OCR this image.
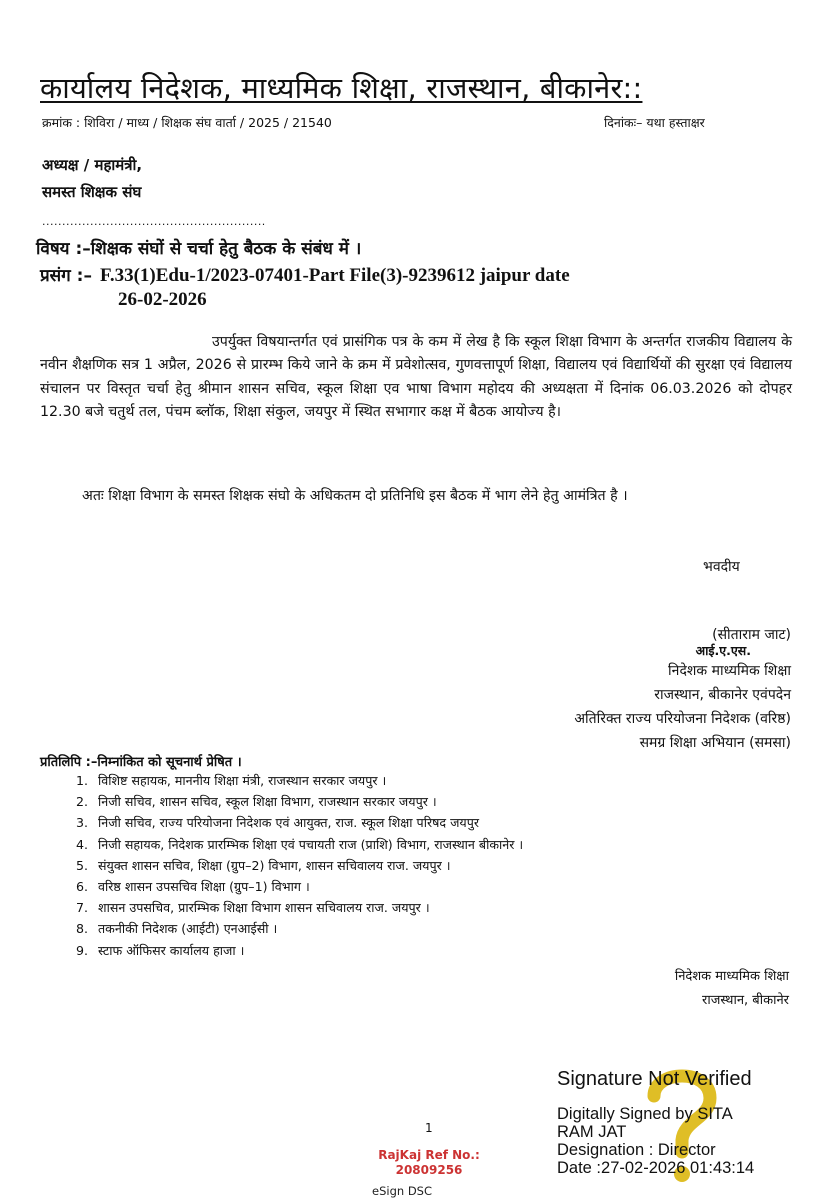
कार्यालय निदेशक, माध्यमिक शिक्षा, राजस्थान, बीकानेर::
क्रमांक : शिविरा / माध्य / शिक्षक संघ वार्ता / 2025 / 21540	दिनांकः– यथा हस्ताक्षर
अध्यक्ष / महामंत्री,
समस्त शिक्षक संघ
........................................................
विषय :–शिक्षक संघों से चर्चा हेतु बैठक के संबंध में ।
प्रसंग :– F.33(1)Edu-1/2023-07401-Part File(3)-9239612 jaipur date
26-02-2026
उपर्युक्त विषयान्तर्गत एवं प्रासंगिक पत्र के कम में लेख है कि स्कूल शिक्षा विभाग के अन्तर्गत राजकीय विद्यालय के नवीन शैक्षणिक सत्र 1 अप्रैल, 2026 से प्रारम्भ किये जाने के क्रम में प्रवेशोत्सव, गुणवत्तापूर्ण शिक्षा, विद्यालय एवं विद्यार्थियों की सुरक्षा एवं विद्यालय संचालन पर विस्तृत चर्चा हेतु श्रीमान शासन सचिव, स्कूल शिक्षा एव भाषा विभाग महोदय की अध्यक्षता में दिनांक 06.03.2026 को दोपहर 12.30 बजे चतुर्थ तल, पंचम ब्लॉक, शिक्षा संकुल, जयपुर में स्थित सभागार कक्ष में बैठक आयोज्य है।
अतः शिक्षा विभाग के समस्त शिक्षक संघो के अधिकतम दो प्रतिनिधि इस बैठक में भाग लेने हेतु आमंत्रित है ।
भवदीय
(सीताराम जाट)
आई.ए.एस.
निदेशक माध्यमिक शिक्षा
राजस्थान, बीकानेर एवंपदेन
अतिरिक्त राज्य परियोजना निदेशक (वरिष्ठ)
समग्र शिक्षा अभियान (समसा)
प्रतिलिपि :–निम्नांकित को सूचनार्थ प्रेषित ।
1. विशिष्ट सहायक, माननीय शिक्षा मंत्री, राजस्थान सरकार जयपुर ।
2. निजी सचिव, शासन सचिव, स्कूल शिक्षा विभाग, राजस्थान सरकार जयपुर ।
3. निजी सचिव, राज्य परियोजना निदेशक एवं आयुक्त, राज. स्कूल शिक्षा परिषद जयपुर
4. निजी सहायक, निदेशक प्रारम्भिक शिक्षा एवं पचायती राज (प्राशि) विभाग, राजस्थान बीकानेर ।
5. संयुक्त शासन सचिव, शिक्षा (ग्रुप–2) विभाग, शासन सचिवालय राज. जयपुर ।
6. वरिष्ठ शासन उपसचिव शिक्षा (ग्रुप–1) विभाग ।
7. शासन उपसचिव, प्रारम्भिक शिक्षा विभाग शासन सचिवालय राज. जयपुर ।
8. तकनीकी निदेशक (आईटी) एनआईसी ।
9. स्टाफ ऑफिसर कार्यालय हाजा ।
निदेशक माध्यमिक शिक्षा
राजस्थान, बीकानेर
1
RajKaj Ref No.:
20809256
eSign DSC
Signature Not Verified
Digitally Signed by SITA
RAM JAT
Designation : Director
Date :27-02-2026 01:43:14
